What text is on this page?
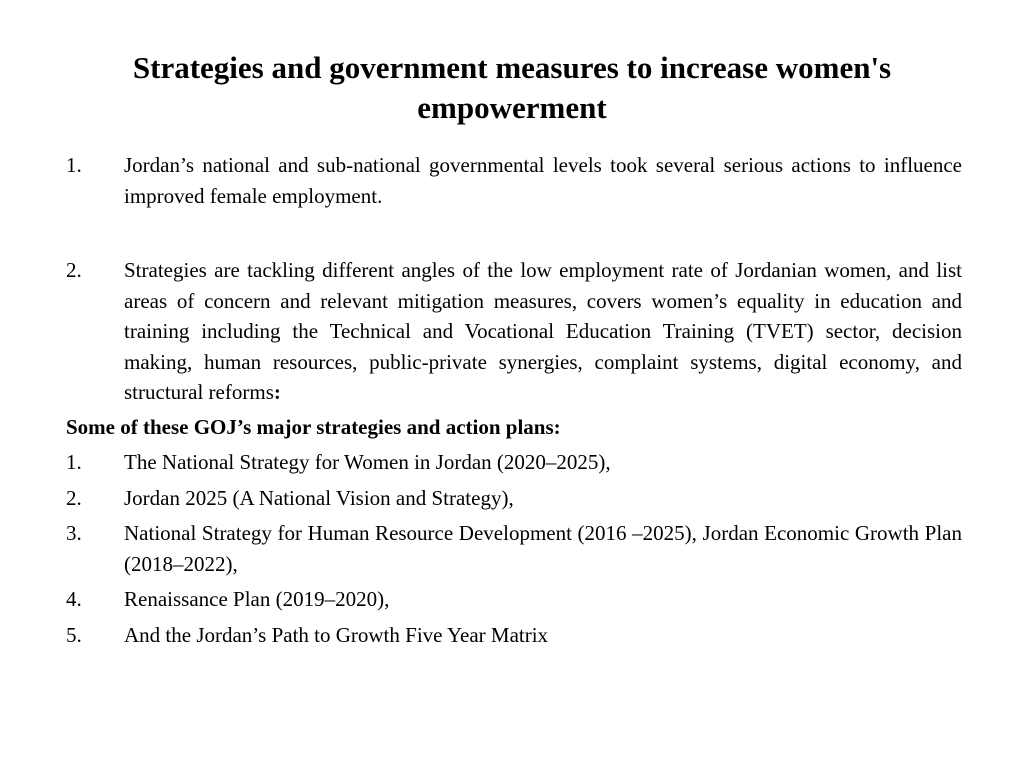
Strategies and government measures to increase women's empowerment
1.	Jordan’s national and sub-national governmental levels took several serious actions to influence improved female employment.
2.	Strategies are tackling different angles of the low employment rate of Jordanian women, and list areas of concern and relevant mitigation measures, covers women’s equality in education and training including the Technical and Vocational Education Training (TVET) sector, decision making, human resources, public-private synergies, complaint systems, digital economy, and structural reforms:
Some of these GOJ’s major strategies and action plans:
1.	The National Strategy for Women in Jordan (2020–2025),
2.	Jordan 2025 (A National Vision and Strategy),
3.	National Strategy for Human Resource Development (2016 –2025), Jordan Economic Growth Plan (2018–2022),
4.	Renaissance Plan (2019–2020),
5.	And the Jordan’s Path to Growth Five Year Matrix
